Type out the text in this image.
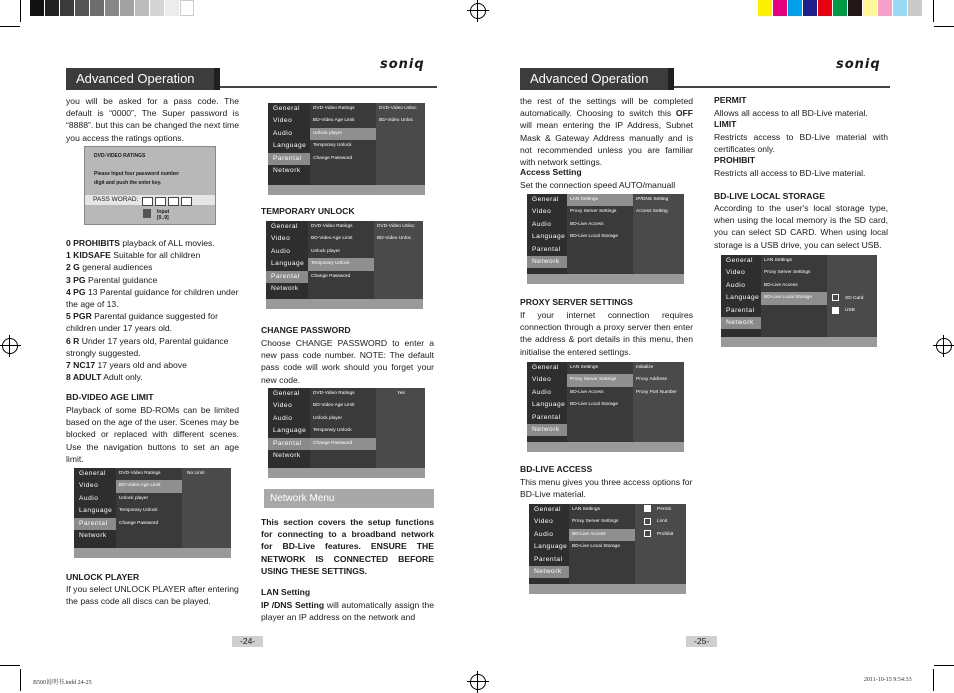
soniq
Advanced Operation

you will be asked for a pass code. The default is “0000”, The Super password is “8888”. but this can be changed the next time you access the ratings options.

DVD-VIDEO RATINGS
Please Input four password number
digit and push the enter key.
PASS WORAD:
Input
[0..9]

0 PROHIBITS playback of ALL movies.

1 KIDSAFE Suitable for all children

2 G general audiences

3 PG Parental guidance

4 PG 13 Parental guidance for children under the age of 13.

5 PGR Parental guidance suggested for children under 17 years old.

6 R Under 17 years old, Parental guidance strongly suggested.

7 NC17 17 years old and above

8 ADULT Adult only.

BD-VIDEO AGE LIMIT

Playback of some BD-ROMs can be limited based on the age of the user. Scenes may be blocked or replaced with different scenes. Use the navigation buttons to set an age limit.

General
Video
Audio
Language
Parental
Network
DVD-Video Ratings
BD-Video Age Limit
Unlock player
Temporary Unlock
Change Password
No Limit
UNLOCK PLAYER

If you select UNLOCK PLAYER after entering the pass code all discs can be played.

General
Video
Audio
Language
Parental
Network
DVD-Video Ratings
BD-Video Age Limit
Unlock player
Temporary Unlock
Change Password
DVD-Video Unloc
BD-Video Unloc
TEMPORARY UNLOCK
General
Video
Audio
Language
Parental
Network
DVD-Video Ratings
BD-Video Age Limit
Unlock player
Temporary Unlock
Change Password
DVD-Video Unloc
BD-Video Unloc
CHANGE PASSWORD

Choose CHANGE PASSWORD to enter a new pass code number. NOTE: The default pass code will work should you forget your new code.

General
Video
Audio
Language
Parental
Network
DVD-Video Ratings
BD-Video Age Limit
Unlock player
Temporary Unlock
Change Password
Yes
Network Menu

This section covers the setup functions for connecting to a broadband network for BD-Live features. ENSURE THE NETWORK IS CONNECTED BEFORE USING THESE SETTINGS.

LAN Setting

IP /DNS Setting will automatically assign the player an IP address on the network and

-24-
soniq
Advanced Operation

the rest of the settings will be completed automatically. Choosing to switch this OFF will mean entering the IP Address, Subnet Mask & Gateway Address manually and is not recommended unless you are familiar with network settings.

Access Setting

Set the connection speed AUTO/manuall

General
Video
Audio
Language
Parental
Network
LAN Settings
Proxy Server Settings
BD-Live Access
BD-Live Local Storage
IP/DNS Setting
Access Setting
PROXY SERVER SETTINGS

If your internet connection requires connection through a proxy server then enter the address & port details in this menu, then initialise the entered settings.

General
Video
Audio
Language
Parental
Network
LAN Settings
Proxy Server Settings
BD-Live Access
BD-Live Local Storage
Initialize
Proxy Address
Proxy Port Number
BD-LIVE ACCESS

This menu gives you three access options for BD-Live material.

General
Video
Audio
Language
Parental
Network
LAN Settings
Proxy Server Settings
BD-Live Access
BD-Live Local Storage
Permit
Limit
Prohibit
PERMIT

Allows all access to all BD-Live material.

LIMIT

Restricts access to BD-Live material with certificates only.

PROHIBIT

Restricts all access to BD-Live material.

BD-LIVE LOCAL STORAGE

According to the user's local storage type, when using the local memory is the SD card, you can select SD CARD. When using local storage is a USB drive, you can select USB.

General
Video
Audio
Language
Parental
Network
LAN Settings
Proxy Server Settings
BD-Live Access
BD-Live Local Storage	SD Card
USB
-25-
B500说明书.indd 24-25	2011-10-15 9:54:33
